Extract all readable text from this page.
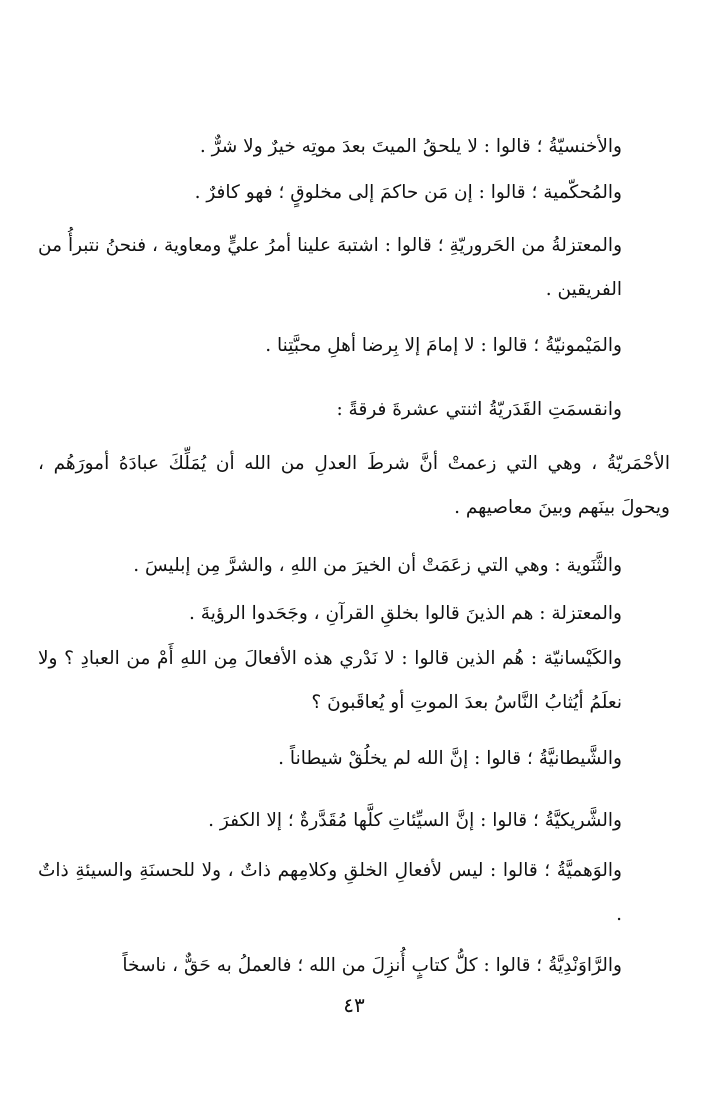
والأخنسيّةُ ؛ قالوا : لا يلحقُ الميتَ بعدَ موتِه خيرٌ ولا شرٌّ .

والمُحكّمية ؛ قالوا : إن مَن حاكمَ إلى مخلوقٍ ؛ فهو كافرٌ .

والمعتزلةُ من الحَروريّةِ ؛ قالوا : اشتبهَ علينا أمرُ عليٍّ ومعاوية ، فنحنُ نتبرأُ من الفريقين .

والمَيْمونيّةُ ؛ قالوا : لا إمامَ إلا بِرضا أهلِ محبَّتِنا .

وانقسمَتِ القَدَريّةُ اثنتي عشرةَ فرقةً :

الأحْمَريّةُ ، وهي التي زعمتْ أنَّ شرطَ العدلِ من الله أن يُمَلِّكَ عبادَهُ أمورَهُم ، ويحولَ بينَهم وبينَ معاصيهم .

والثَّنَوية : وهي التي زعَمَتْ أن الخيرَ من اللهِ ، والشرَّ مِن إبليسَ .

والمعتزلة : هم الذينَ قالوا بخلقِ القرآنِ ، وجَحَدوا الرؤيةَ .

والكَيْسانيّة : هُم الذين قالوا : لا نَدْري هذه الأفعالَ مِن اللهِ أَمْ من العبادِ ؟ ولا نعلَمُ أيُثابُ النَّاسُ بعدَ الموتِ أو يُعاقَبونَ ؟

والشَّيطانيَّةُ ؛ قالوا : إنَّ الله لم يخلُقْ شيطاناً .

والشَّريكيَّةُ ؛ قالوا : إنَّ السيِّئاتِ كلَّها مُقَدَّرةٌ ؛ إلا الكفرَ .

والوَهميَّةُ ؛ قالوا : ليس لأفعالِ الخلقِ وكلامِهم ذاتٌ ، ولا للحسنَةِ والسيئةِ ذاتٌ .

والرَّاوَنْدِيَّةُ ؛ قالوا : كلُّ كتابٍ أُنزِلَ من الله ؛ فالعملُ به حَقٌّ ، ناسخاً

٤٣
